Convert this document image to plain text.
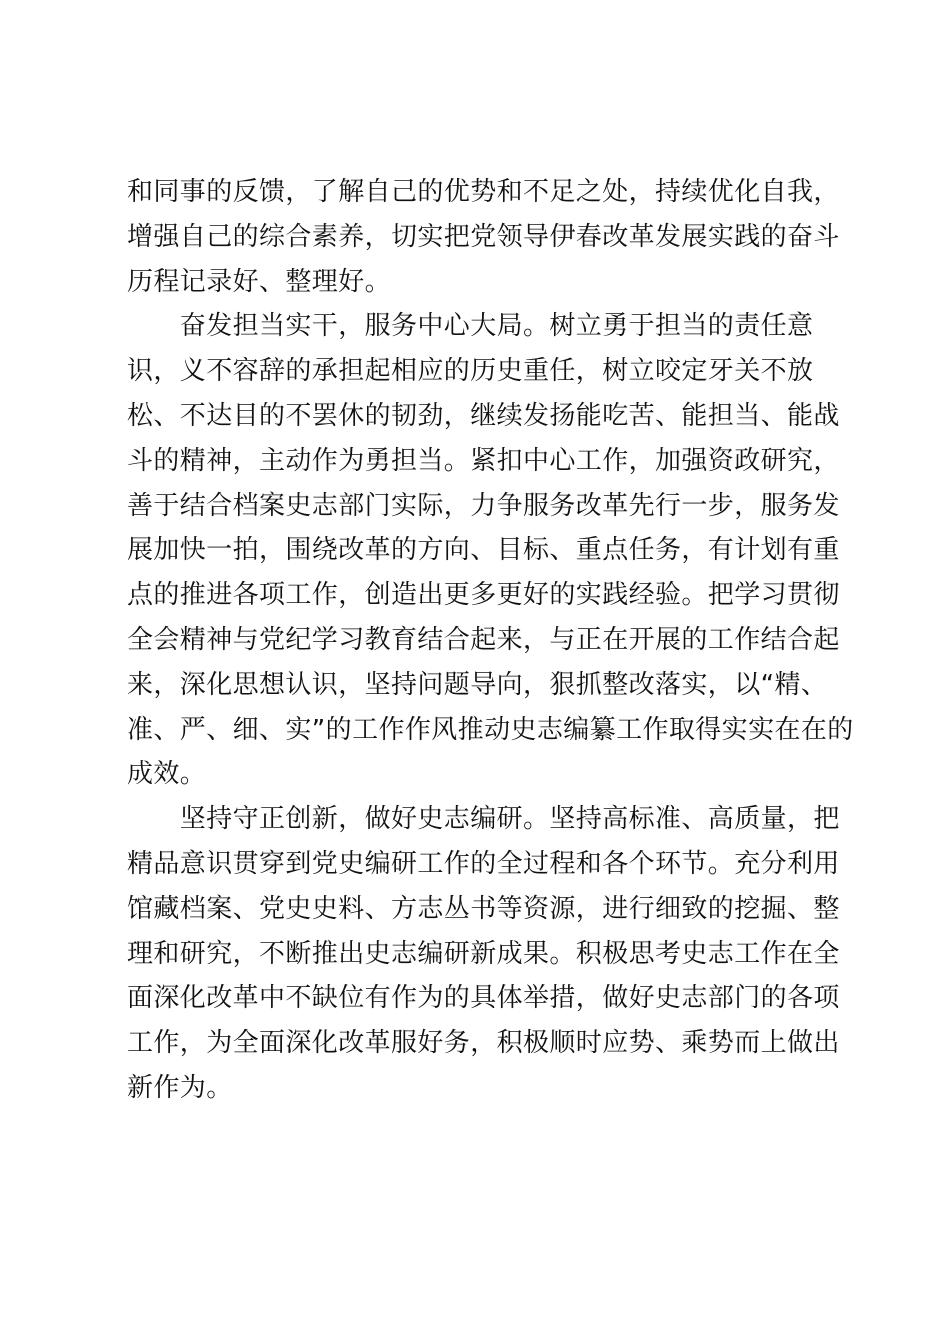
和同事的反馈，了解自己的优势和不足之处，持续优化自我，
增强自己的综合素养，切实把党领导伊春改革发展实践的奋斗
历程记录好、整理好。
　　奋发担当实干，服务中心大局。树立勇于担当的责任意
识，义不容辞的承担起相应的历史重任，树立咬定牙关不放
松、不达目的不罢休的韧劲，继续发扬能吃苦、能担当、能战
斗的精神，主动作为勇担当。紧扣中心工作，加强资政研究，
善于结合档案史志部门实际，力争服务改革先行一步，服务发
展加快一拍，围绕改革的方向、目标、重点任务，有计划有重
点的推进各项工作，创造出更多更好的实践经验。把学习贯彻
全会精神与党纪学习教育结合起来，与正在开展的工作结合起
来，深化思想认识，坚持问题导向，狠抓整改落实，以“精、
准、严、细、实”的工作作风推动史志编纂工作取得实实在在的
成效。
　　坚持守正创新，做好史志编研。坚持高标准、高质量，把
精品意识贯穿到党史编研工作的全过程和各个环节。充分利用
馆藏档案、党史史料、方志丛书等资源，进行细致的挖掘、整
理和研究，不断推出史志编研新成果。积极思考史志工作在全
面深化改革中不缺位有作为的具体举措，做好史志部门的各项
工作，为全面深化改革服好务，积极顺时应势、乘势而上做出
新作为。
